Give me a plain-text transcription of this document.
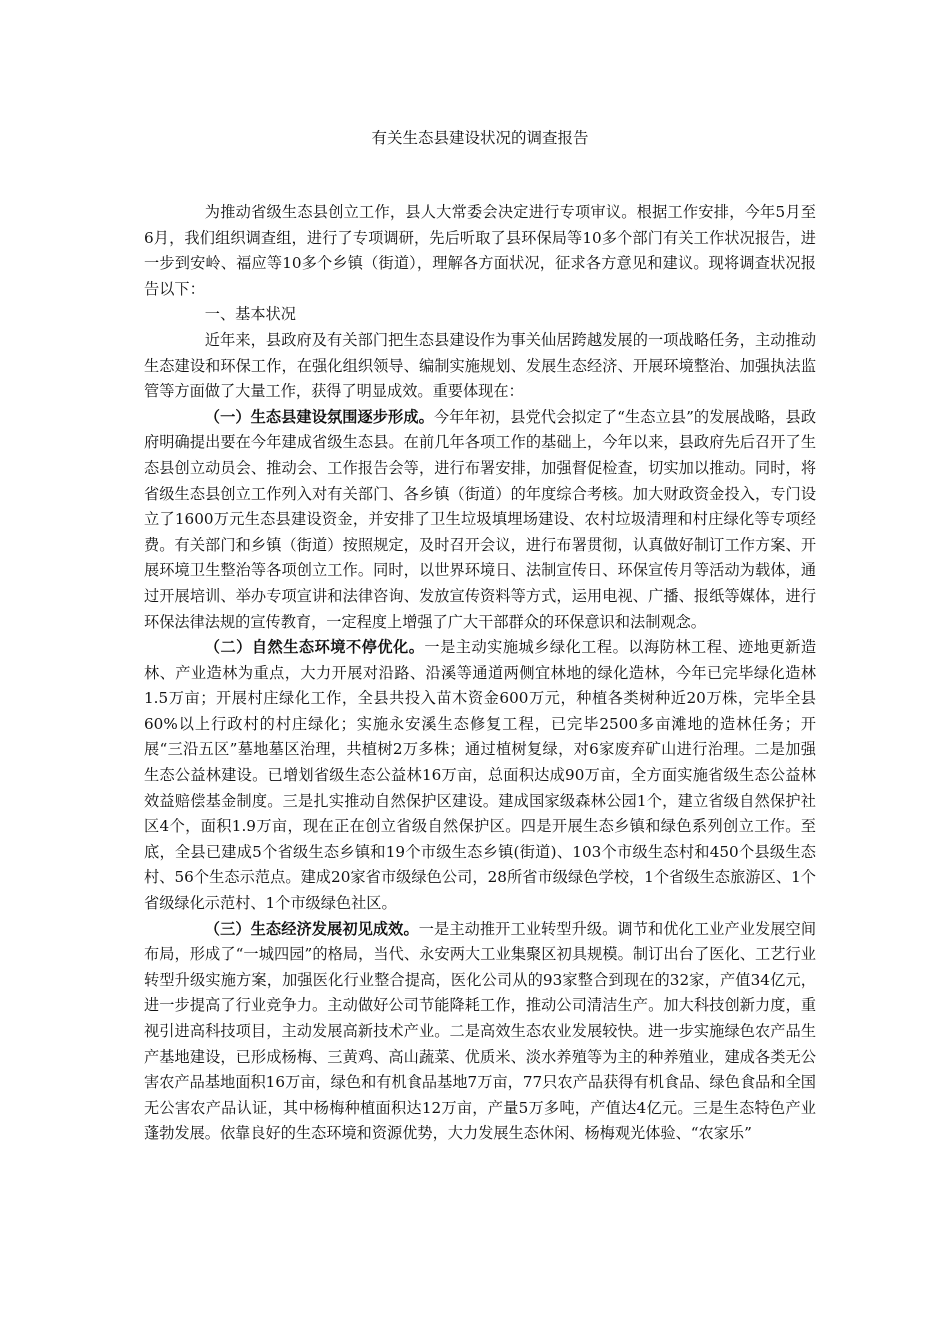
有关生态县建设状况的调查报告

为推动省级生态县创立工作，县人大常委会决定进行专项审议。根据工作安排，今年5月至6月，我们组织调查组，进行了专项调研，先后听取了县环保局等10多个部门有关工作状况报告，进一步到安岭、福应等10多个乡镇（街道），理解各方面状况，征求各方意见和建议。现将调查状况报告以下：

一、基本状况

近年来，县政府及有关部门把生态县建设作为事关仙居跨越发展的一项战略任务，主动推动生态建设和环保工作，在强化组织领导、编制实施规划、发展生态经济、开展环境整治、加强执法监管等方面做了大量工作，获得了明显成效。重要体现在：

（一）生态县建设氛围逐步形成。今年年初，县党代会拟定了“生态立县”的发展战略，县政府明确提出要在今年建成省级生态县。在前几年各项工作的基础上，今年以来，县政府先后召开了生态县创立动员会、推动会、工作报告会等，进行布署安排，加强督促检查，切实加以推动。同时，将省级生态县创立工作列入对有关部门、各乡镇（街道）的年度综合考核。加大财政资金投入，专门设立了1600万元生态县建设资金，并安排了卫生垃圾填埋场建设、农村垃圾清理和村庄绿化等专项经费。有关部门和乡镇（街道）按照规定，及时召开会议，进行布署贯彻，认真做好制订工作方案、开展环境卫生整治等各项创立工作。同时，以世界环境日、法制宣传日、环保宣传月等活动为载体，通过开展培训、举办专项宣讲和法律咨询、发放宣传资料等方式，运用电视、广播、报纸等媒体，进行环保法律法规的宣传教育，一定程度上增强了广大干部群众的环保意识和法制观念。

（二）自然生态环境不停优化。一是主动实施城乡绿化工程。以海防林工程、迹地更新造林、产业造林为重点，大力开展对沿路、沿溪等通道两侧宜林地的绿化造林，今年已完毕绿化造林1.5万亩；开展村庄绿化工作，全县共投入苗木资金600万元，种植各类树种近20万株，完毕全县60%以上行政村的村庄绿化；实施永安溪生态修复工程，已完毕2500多亩滩地的造林任务；开展“三沿五区”墓地墓区治理，共植树2万多株；通过植树复绿，对6家废弃矿山进行治理。二是加强生态公益林建设。已增划省级生态公益林16万亩，总面积达成90万亩，全方面实施省级生态公益林效益赔偿基金制度。三是扎实推动自然保护区建设。建成国家级森林公园1个，建立省级自然保护社区4个，面积1.9万亩，现在正在创立省级自然保护区。四是开展生态乡镇和绿色系列创立工作。至底，全县已建成5个省级生态乡镇和19个市级生态乡镇(街道)、103个市级生态村和450个县级生态村、56个生态示范点。建成20家省市级绿色公司，28所省市级绿色学校，1个省级生态旅游区、1个省级绿化示范村、1个市级绿色社区。

（三）生态经济发展初见成效。一是主动推开工业转型升级。调节和优化工业产业发展空间布局，形成了“一城四园”的格局，当代、永安两大工业集聚区初具规模。制订出台了医化、工艺行业转型升级实施方案，加强医化行业整合提高，医化公司从的93家整合到现在的32家，产值34亿元，进一步提高了行业竞争力。主动做好公司节能降耗工作，推动公司清洁生产。加大科技创新力度，重视引进高科技项目，主动发展高新技术产业。二是高效生态农业发展较快。进一步实施绿色农产品生产基地建设，已形成杨梅、三黄鸡、高山蔬菜、优质米、淡水养殖等为主的种养殖业，建成各类无公害农产品基地面积16万亩，绿色和有机食品基地7万亩，77只农产品获得有机食品、绿色食品和全国无公害农产品认证，其中杨梅种植面积达12万亩，产量5万多吨，产值达4亿元。三是生态特色产业蓬勃发展。依靠良好的生态环境和资源优势，大力发展生态休闲、杨梅观光体验、“农家乐”
